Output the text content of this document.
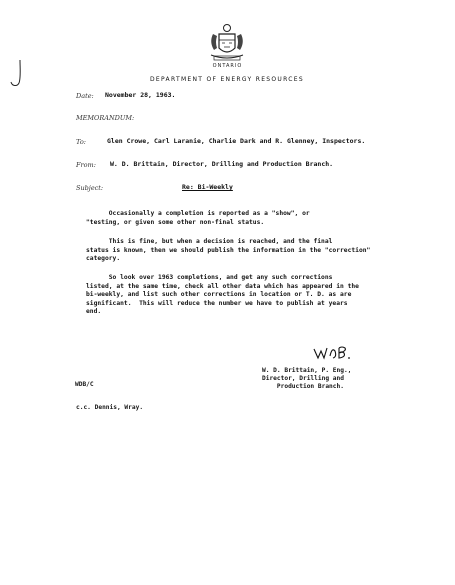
ONTARIO
DEPARTMENT OF ENERGY RESOURCES
Date: November 28, 1963.
MEMORANDUM:
To:	Glen Crowe, Carl Laranie, Charlie Dark and R. Glenney, Inspectors.
From: W. D. Brittain, Director, Drilling and Production Branch.
Subject:	Re: Bi-Weekly
Occasionally a completion is reported as a "show", or
"testing, or given some other non-final status.
This is fine, but when a decision is reached, and the final
status is known, then we should publish the information in the "correction"
category.
So look over 1963 completions, and get any such corrections
listed, at the same time, check all other data which has appeared in the
bi-weekly, and list such other corrections in location or T. D. as are
significant.  This will reduce the number we have to publish at years
end.
W. D. Brittain, P. Eng.,
Director, Drilling and
Production Branch.
WDB/C
c.c. Dennis, Wray.
